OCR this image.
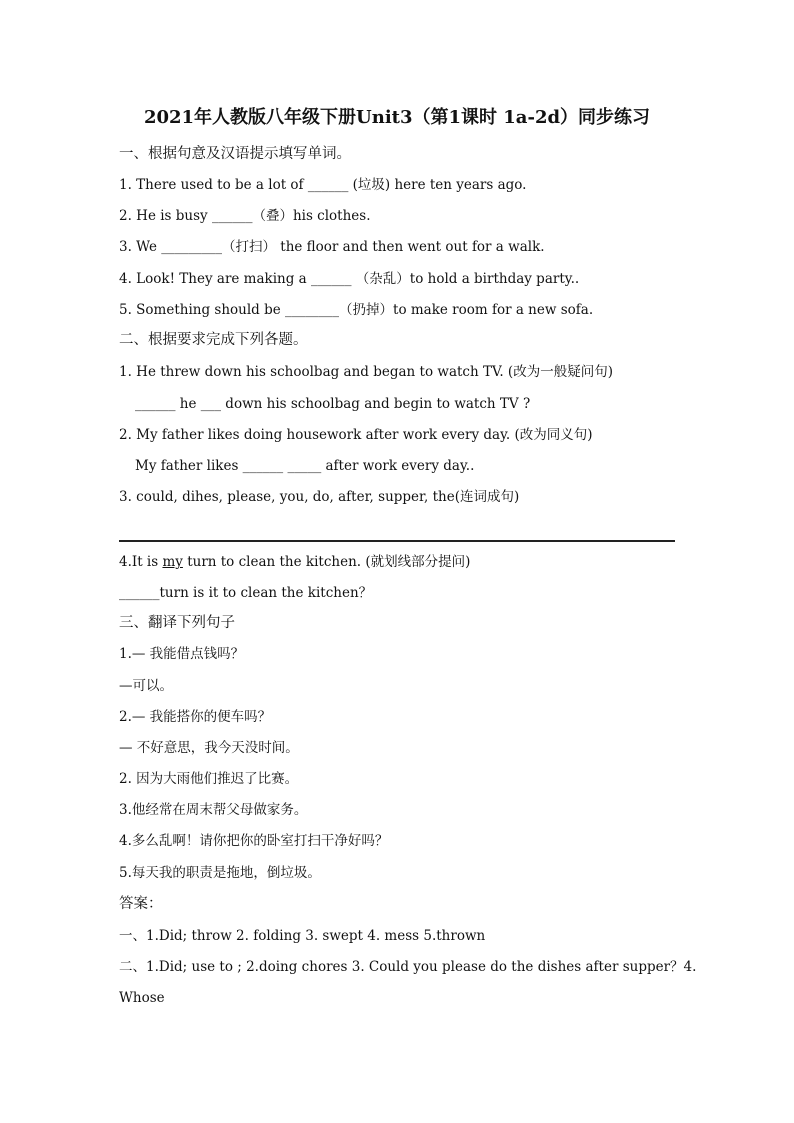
2021年人教版八年级下册Unit3（第1课时 1a-2d）同步练习
一、根据句意及汉语提示填写单词。
1. There used to be a lot of ______ (垃圾) here ten years ago.
2. He is busy ______（叠）his clothes.
3. We _________（打扫） the floor and then went out for a walk.
4. Look! They are making a ______ （杂乱）to hold a birthday party..
5. Something should be ________（扔掉）to make room for a new sofa.
二、根据要求完成下列各题。
1. He threw down his schoolbag and began to watch TV. (改为一般疑问句)
______ he ___ down his schoolbag and begin to watch TV ?
2. My father likes doing housework after work every day. (改为同义句)
My father likes ______ _____ after work every day..
3. could, dihes, please, you, do, after, supper, the(连词成句)
4.It is my turn to clean the kitchen. (就划线部分提问)
______turn is it to clean the kitchen？
三、翻译下列句子
1.— 我能借点钱吗？
—可以。
2.— 我能搭你的便车吗？
— 不好意思，我今天没时间。
2. 因为大雨他们推迟了比赛。
3.他经常在周末帮父母做家务。
4.多么乱啊！请你把你的卧室打扫干净好吗？
5.每天我的职责是拖地，倒垃圾。
答案：
一、1.Did; throw 2. folding 3. swept 4. mess 5.thrown
二、1.Did; use to ; 2.doing chores 3. Could you please do the dishes after supper？4.
Whose
